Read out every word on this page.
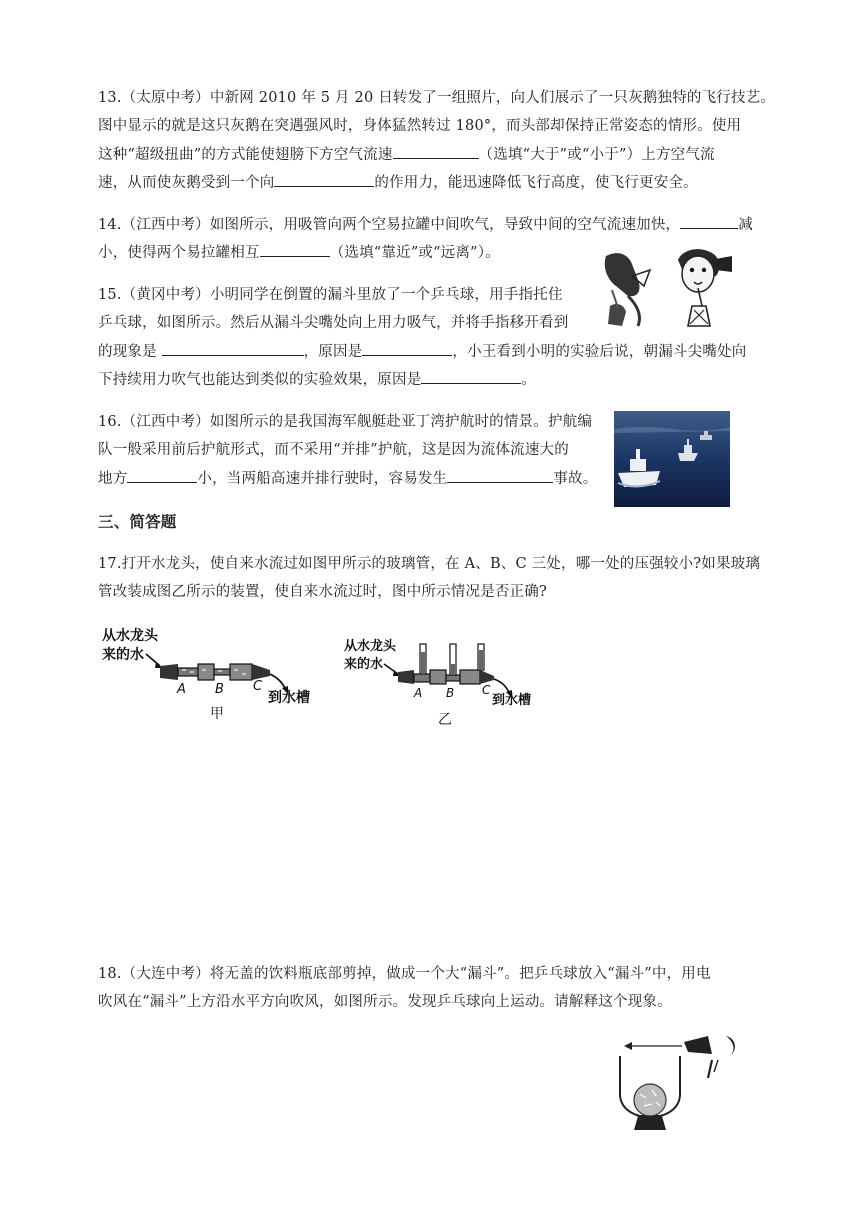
13.（太原中考）中新网 2010 年 5 月 20 日转发了一组照片，向人们展示了一只灰鹅独特的飞行技艺。
图中显示的就是这只灰鹅在突遇强风时，身体猛然转过 180°，而头部却保持正常姿态的情形。使用
这种“超级扭曲”的方式能使翅膀下方空气流速	（选填“大于”或“小于”）上方空气流
速，从而使灰鹅受到一个向	的作用力，能迅速降低飞行高度，使飞行更安全。
14.（江西中考）如图所示，用吸管向两个空易拉罐中间吹气，导致中间的空气流速加快，	减
小，使得两个易拉罐相互	（选填“靠近”或“远离”）。
15.（黄冈中考）小明同学在倒置的漏斗里放了一个乒乓球，用手指托住
乒乓球，如图所示。然后从漏斗尖嘴处向上用力吸气，并将手指移开看到
的现象是	，原因是	，小王看到小明的实验后说，朝漏斗尖嘴处向
下持续用力吹气也能达到类似的实验效果，原因是	。
16.（江西中考）如图所示的是我国海军舰艇赴亚丁湾护航时的情景。护航编
队一般采用前后护航形式，而不采用“并排”护航，这是因为流体流速大的
地方	小，当两船高速并排行驶时，容易发生	事故。
三、简答题
17.打开水龙头，使自来水流过如图甲所示的玻璃管，在 A、B、C 三处，哪一处的压强较小?如果玻璃
管改装成图乙所示的装置，使自来水流过时，图中所示情况是否正确?
从水龙头
来的水
A B C
到水槽
甲
从水龙头
来的水
A B C
到水槽
乙
18.（大连中考）将无盖的饮料瓶底部剪掉，做成一个大“漏斗”。把乒乓球放入“漏斗”中，用电
吹风在“漏斗”上方沿水平方向吹风，如图所示。发现乒乓球向上运动。请解释这个现象。
